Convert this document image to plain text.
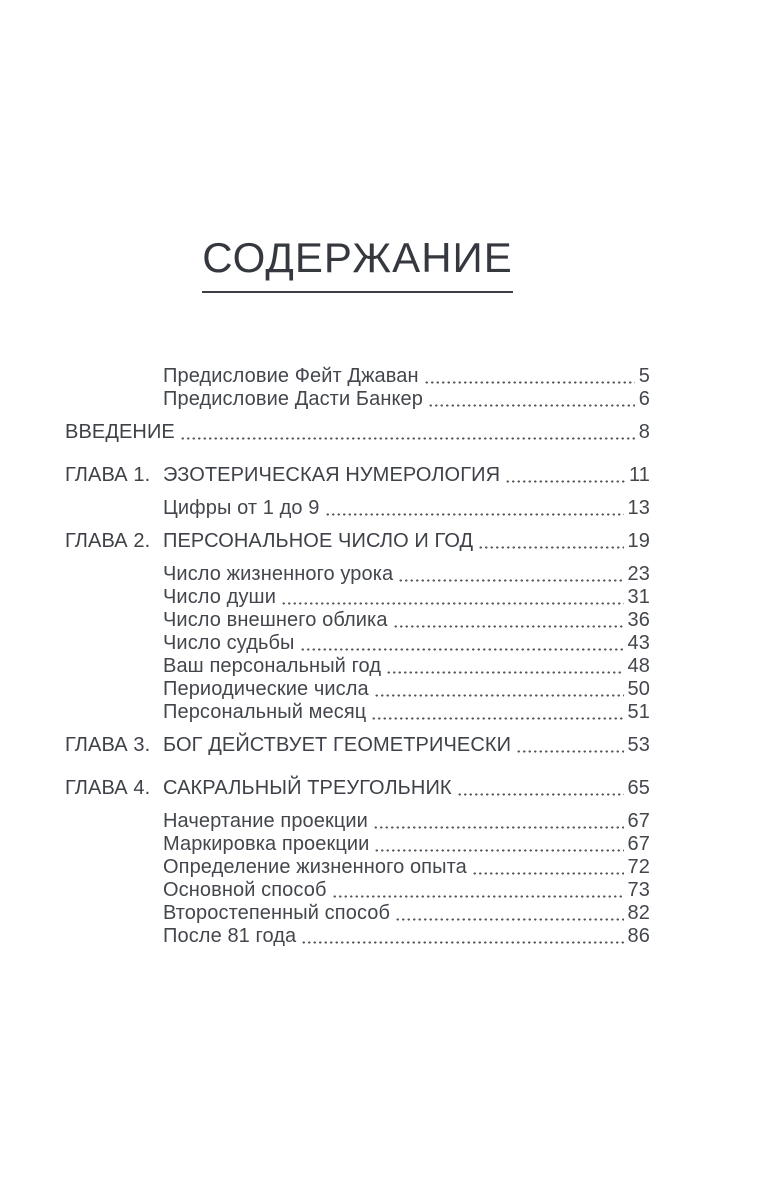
СОДЕРЖАНИЕ
Предисловие Фейт Джаван	5
Предисловие Дасти Банкер	6
ВВЕДЕНИЕ	8
ГЛАВА 1. ЭЗОТЕРИЧЕСКАЯ НУМЕРОЛОГИЯ	11
Цифры от 1 до 9	13
ГЛАВА 2. ПЕРСОНАЛЬНОЕ ЧИСЛО И ГОД	19
Число жизненного урока	23
Число души	31
Число внешнего облика	36
Число судьбы	43
Ваш персональный год	48
Периодические числа	50
Персональный месяц	51
ГЛАВА 3. БОГ ДЕЙСТВУЕТ ГЕОМЕТРИЧЕСКИ	53
ГЛАВА 4. САКРАЛЬНЫЙ ТРЕУГОЛЬНИК	65
Начертание проекции	67
Маркировка проекции	67
Определение жизненного опыта	72
Основной способ	73
Второстепенный способ	82
После 81 года	86
